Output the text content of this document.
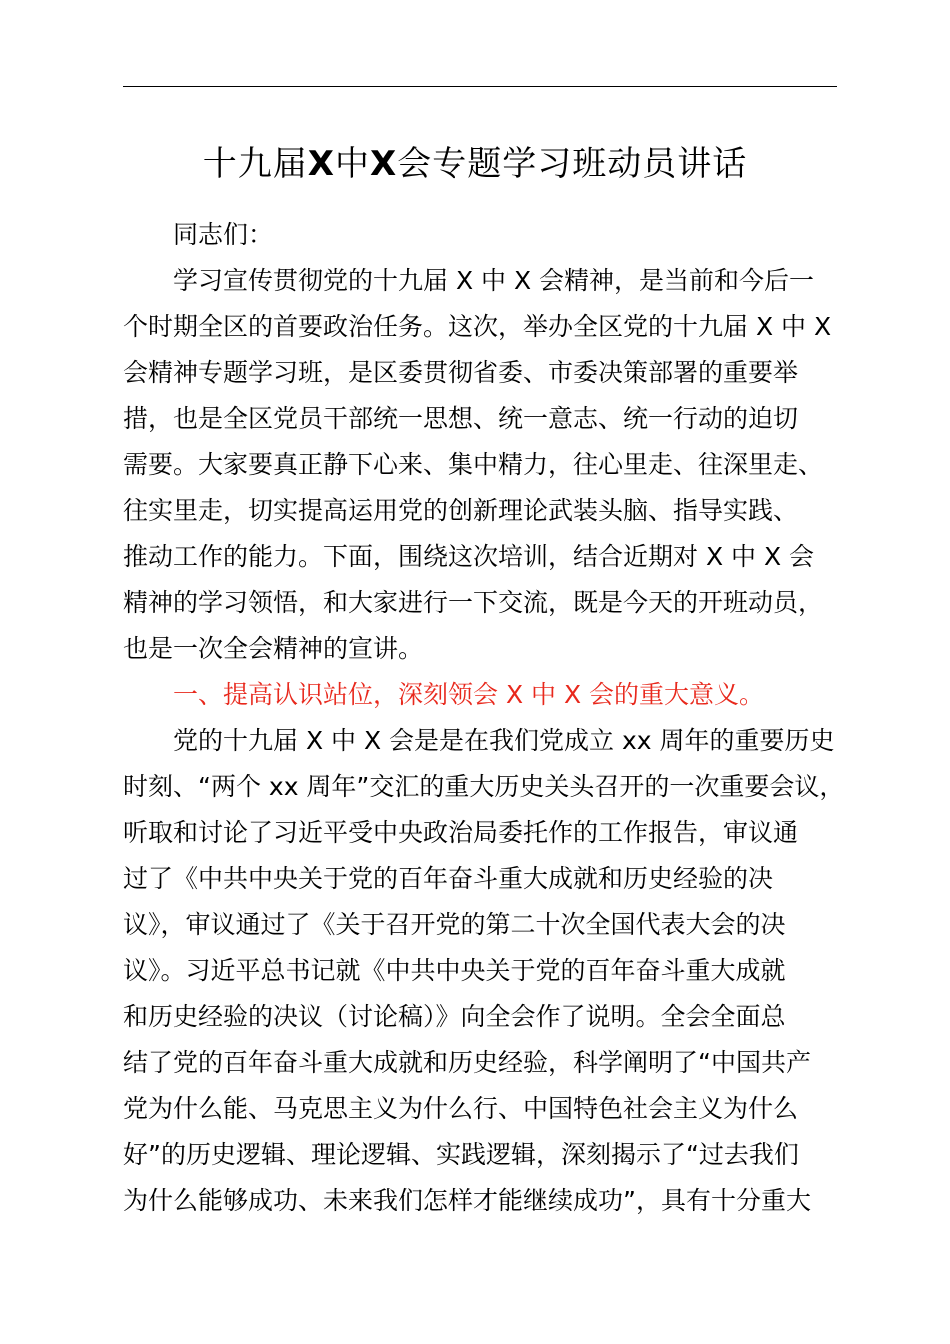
十九届X中X会专题学习班动员讲话
同志们：
学习宣传贯彻党的十九届 X 中 X 会精神，是当前和今后一
个时期全区的首要政治任务。这次，举办全区党的十九届 X 中 X
会精神专题学习班，是区委贯彻省委、市委决策部署的重要举
措，也是全区党员干部统一思想、统一意志、统一行动的迫切
需要。大家要真正静下心来、集中精力，往心里走、往深里走、
往实里走，切实提高运用党的创新理论武装头脑、指导实践、
推动工作的能力。下面，围绕这次培训，结合近期对 X 中 X 会
精神的学习领悟，和大家进行一下交流，既是今天的开班动员，
也是一次全会精神的宣讲。
一、提高认识站位，深刻领会 X 中 X 会的重大意义。
党的十九届 X 中 X 会是是在我们党成立 xx 周年的重要历史
时刻、“两个 xx 周年”交汇的重大历史关头召开的一次重要会议，
听取和讨论了习近平受中央政治局委托作的工作报告，审议通
过了《中共中央关于党的百年奋斗重大成就和历史经验的决
议》，审议通过了《关于召开党的第二十次全国代表大会的决
议》。习近平总书记就《中共中央关于党的百年奋斗重大成就
和历史经验的决议（讨论稿）》向全会作了说明。全会全面总
结了党的百年奋斗重大成就和历史经验，科学阐明了“中国共产
党为什么能、马克思主义为什么行、中国特色社会主义为什么
好”的历史逻辑、理论逻辑、实践逻辑，深刻揭示了“过去我们
为什么能够成功、未来我们怎样才能继续成功”，具有十分重大
